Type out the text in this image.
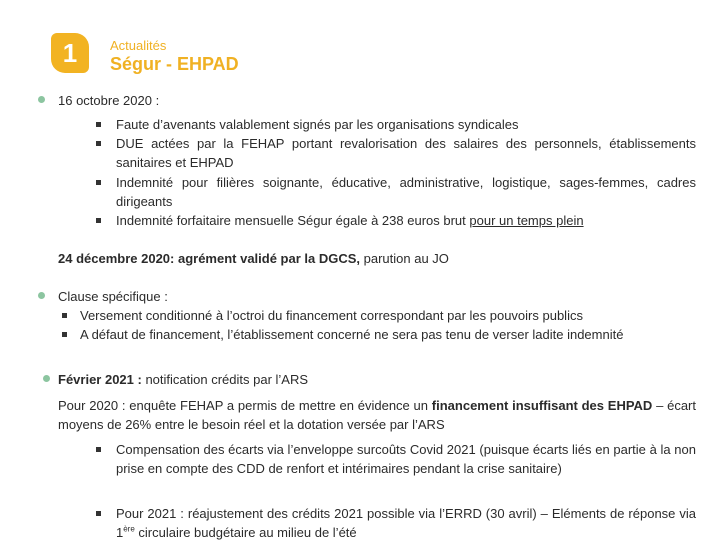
1	Actualités
Ségur - EHPAD
16 octobre 2020 :
Faute d’avenants valablement signés par les organisations syndicales
DUE actées par la FEHAP portant revalorisation des salaires des personnels, établissements sanitaires et EHPAD
Indemnité pour filières soignante, éducative, administrative, logistique, sages-femmes, cadres dirigeants
Indemnité forfaitaire mensuelle Ségur égale à 238 euros brut pour un temps plein
24 décembre 2020: agrément validé par la DGCS, parution au JO
Clause spécifique :
Versement conditionné à l’octroi du financement correspondant par les pouvoirs publics
A défaut de financement, l’établissement concerné ne sera pas tenu de verser ladite indemnité
Février 2021 : notification crédits par l’ARS
Pour 2020 : enquête FEHAP a permis de mettre en évidence un financement insuffisant des EHPAD – écart moyens de 26% entre le besoin réel et la dotation versée par l’ARS
Compensation des écarts via l’enveloppe surcoûts Covid 2021 (puisque écarts liés en partie à la non prise en compte des CDD de renfort et intérimaires pendant la crise sanitaire)
Pour 2021 : réajustement des crédits 2021 possible via l’ERRD (30 avril) – Eléments de réponse via 1ère circulaire budgétaire au milieu de l’été
